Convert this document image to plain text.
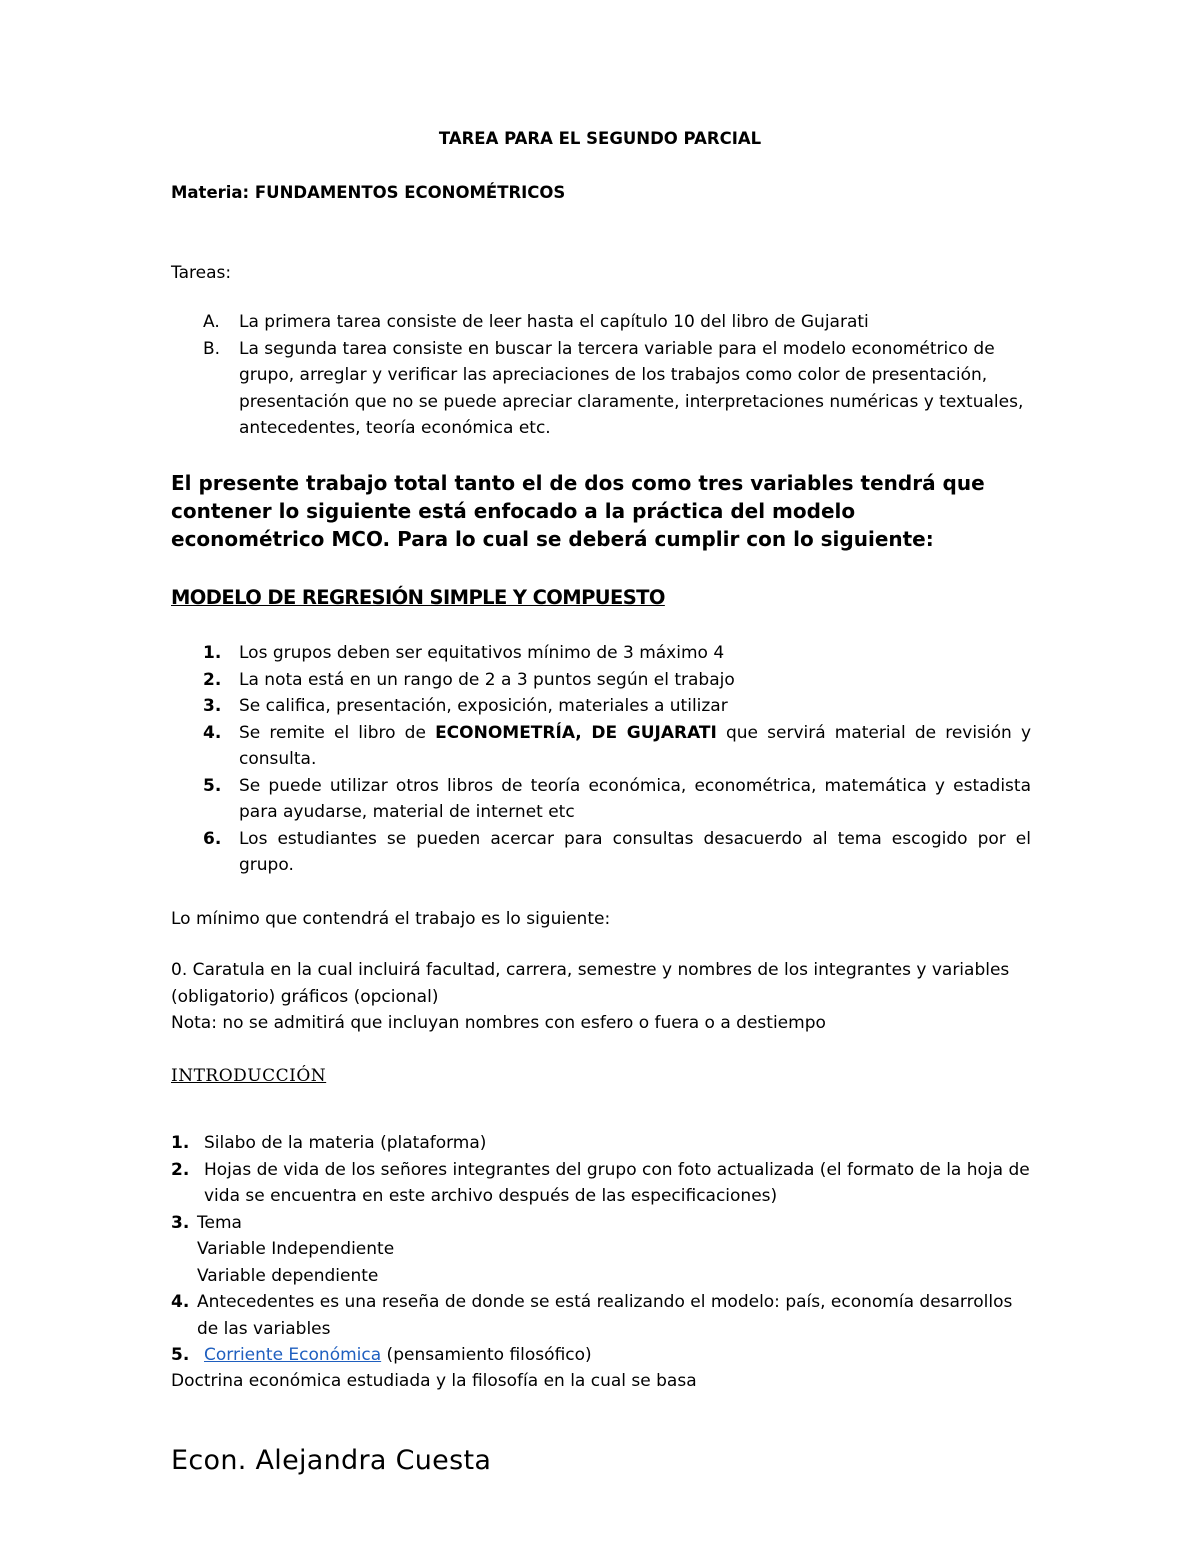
TAREA PARA EL SEGUNDO PARCIAL
Materia: FUNDAMENTOS ECONOMÉTRICOS
Tareas:
A. La primera tarea consiste de leer hasta el capítulo 10 del libro de Gujarati
B. La segunda tarea consiste en buscar la tercera variable para el modelo econométrico de grupo, arreglar y verificar las apreciaciones de los trabajos como color de presentación, presentación que no se puede apreciar claramente, interpretaciones numéricas y textuales, antecedentes, teoría económica etc.
El presente trabajo total tanto el de dos como tres variables tendrá que contener lo siguiente está enfocado a la práctica del modelo econométrico MCO. Para lo cual se deberá cumplir con lo siguiente:
MODELO DE REGRESIÓN SIMPLE Y COMPUESTO
1. Los grupos deben ser equitativos mínimo de 3 máximo 4
2. La nota está en un rango de 2 a 3 puntos según el trabajo
3. Se califica, presentación, exposición, materiales a utilizar
4. Se remite el libro de ECONOMETRÍA, DE GUJARATI que servirá material de revisión y consulta.
5. Se puede utilizar otros libros de teoría económica, econométrica, matemática y estadista para ayudarse, material de internet etc
6. Los estudiantes se pueden acercar para consultas desacuerdo al tema escogido por el grupo.
Lo mínimo que contendrá el trabajo es lo siguiente:
0. Caratula en la cual incluirá facultad, carrera, semestre y nombres de los integrantes y variables (obligatorio) gráficos (opcional)
Nota: no se admitirá que incluyan nombres con esfero o fuera o a destiempo
INTRODUCCIÓN
1. Silabo de la materia (plataforma)
2. Hojas de vida de los señores integrantes del grupo con foto actualizada (el formato de la hoja de vida se encuentra en este archivo después de las especificaciones)
3. Tema
Variable Independiente
Variable dependiente
4. Antecedentes es una reseña de donde se está realizando el modelo: país, economía desarrollos de las variables
5. Corriente Económica (pensamiento filosófico)
Doctrina económica estudiada y la filosofía en la cual se basa
Econ. Alejandra Cuesta
